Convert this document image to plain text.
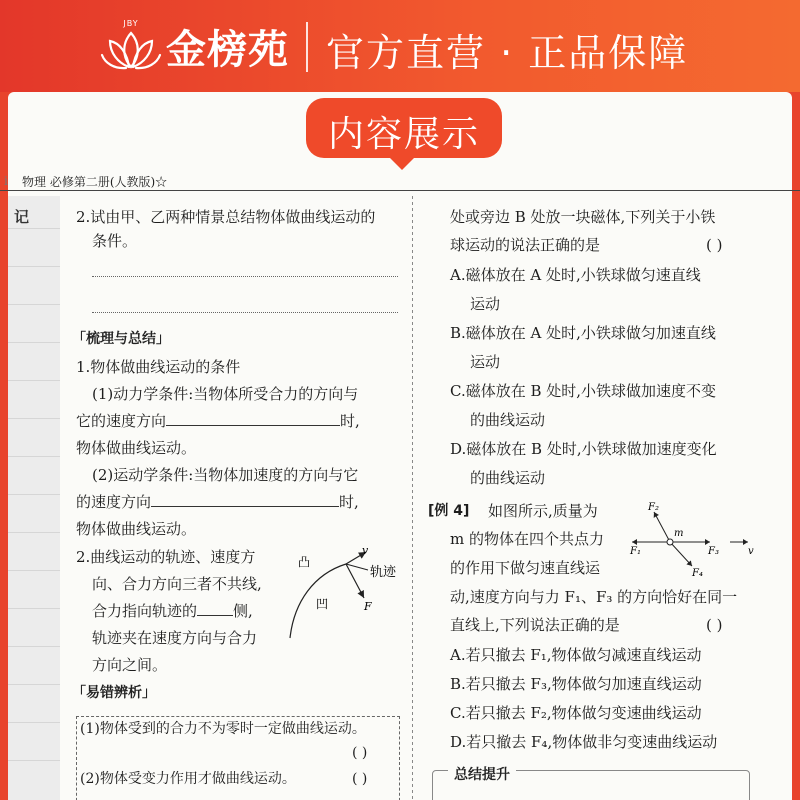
JBY
金榜苑 官方直营 · 正品保障
内容展示
i 物理 必修第二册(人教版)☆
记	2.试由甲、乙两种情景总结物体做曲线运动的
条件。
「梳理与总结」
1.物体做曲线运动的条件
(1)动力学条件:当物体所受合力的方向与
它的速度方向	时,
物体做曲线运动。
(2)运动学条件:当物体加速度的方向与它
的速度方向	时,
物体做曲线运动。
2.曲线运动的轨迹、速度方
向、合力方向三者不共线,
合力指向轨迹的 侧,
轨迹夹在速度方向与合力
方向之间。
凸
凹
v
轨迹
F
「易错辨析」
(1)物体受到的合力不为零时一定做曲线运动。
( )
(2)物体受变力作用才做曲线运动。	( )
处或旁边 B 处放一块磁体,下列关于小铁
球运动的说法正确的是	( )
A.磁体放在 A 处时,小铁球做匀速直线
运动
B.磁体放在 A 处时,小铁球做匀加速直线
运动
C.磁体放在 B 处时,小铁球做加速度不变
的曲线运动
D.磁体放在 B 处时,小铁球做加速度变化
的曲线运动
[例 4] 如图所示,质量为
m 的物体在四个共点力
的作用下做匀速直线运
动,速度方向与力 F₁、F₃ 的方向恰好在同一
直线上,下列说法正确的是	( )
F₁
F₂
F₃
F₄
m
v
A.若只撤去 F₁,物体做匀减速直线运动
B.若只撤去 F₃,物体做匀加速直线运动
C.若只撤去 F₂,物体做匀变速曲线运动
D.若只撤去 F₄,物体做非匀变速曲线运动
总结提升
